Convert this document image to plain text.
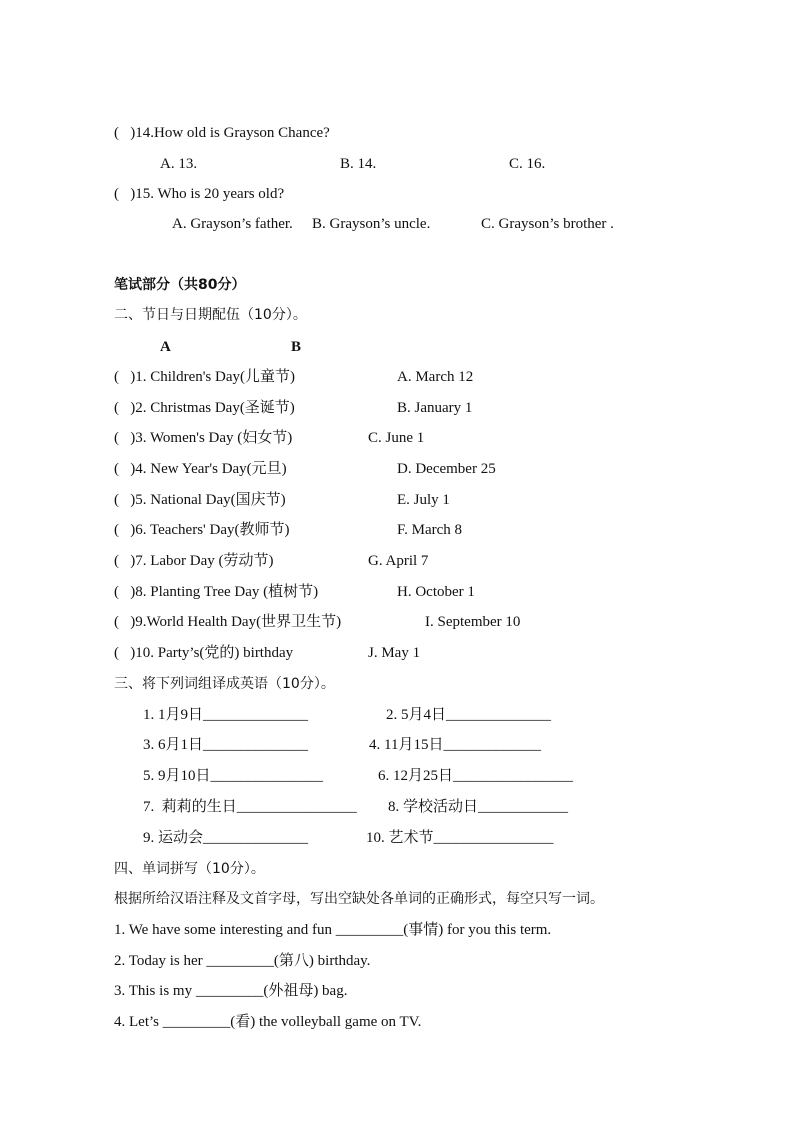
(   )14.How old is Grayson Chance?
A. 13.	B. 14.	C. 16.
(   )15. Who is 20 years old?
A. Grayson’s father. B. Grayson’s uncle.	C. Grayson’s brother .
笔试部分（共80分）
二、节日与日期配伍（10分）。
A	B
(   )1. Children's Day(儿童节)	A. March 12
(   )2. Christmas Day(圣诞节)	B. January 1
(   )3. Women's Day (妇女节)	C. June 1
(   )4. New Year's Day(元旦)	D. December 25
(   )5. National Day(国庆节)	E. July 1
(   )6. Teachers' Day(教师节)	F. March 8
(   )7. Labor Day (劳动节)	G. April 7
(   )8. Planting Tree Day (植树节)	H. October 1
(   )9.World Health Day(世界卫生节)	I. September 10
(   )10. Party’s(党的) birthday	J. May 1
三、将下列词组译成英语（10分）。
1. 1月9日______________	2. 5月4日______________
3. 6月1日______________	4. 11月15日_____________
5. 9月10日_______________	6. 12月25日________________
7.  莉莉的生日________________ 8. 学校活动日____________
9. 运动会______________	10. 艺术节________________
四、单词拼写（10分）。
根据所给汉语注释及文首字母，写出空缺处各单词的正确形式，每空只写一词。
1. We have some interesting and fun _________(事情) for you this term.
2. Today is her _________(第八) birthday.
3. This is my _________(外祖母) bag.
4. Let’s _________(看) the volleyball game on TV.
